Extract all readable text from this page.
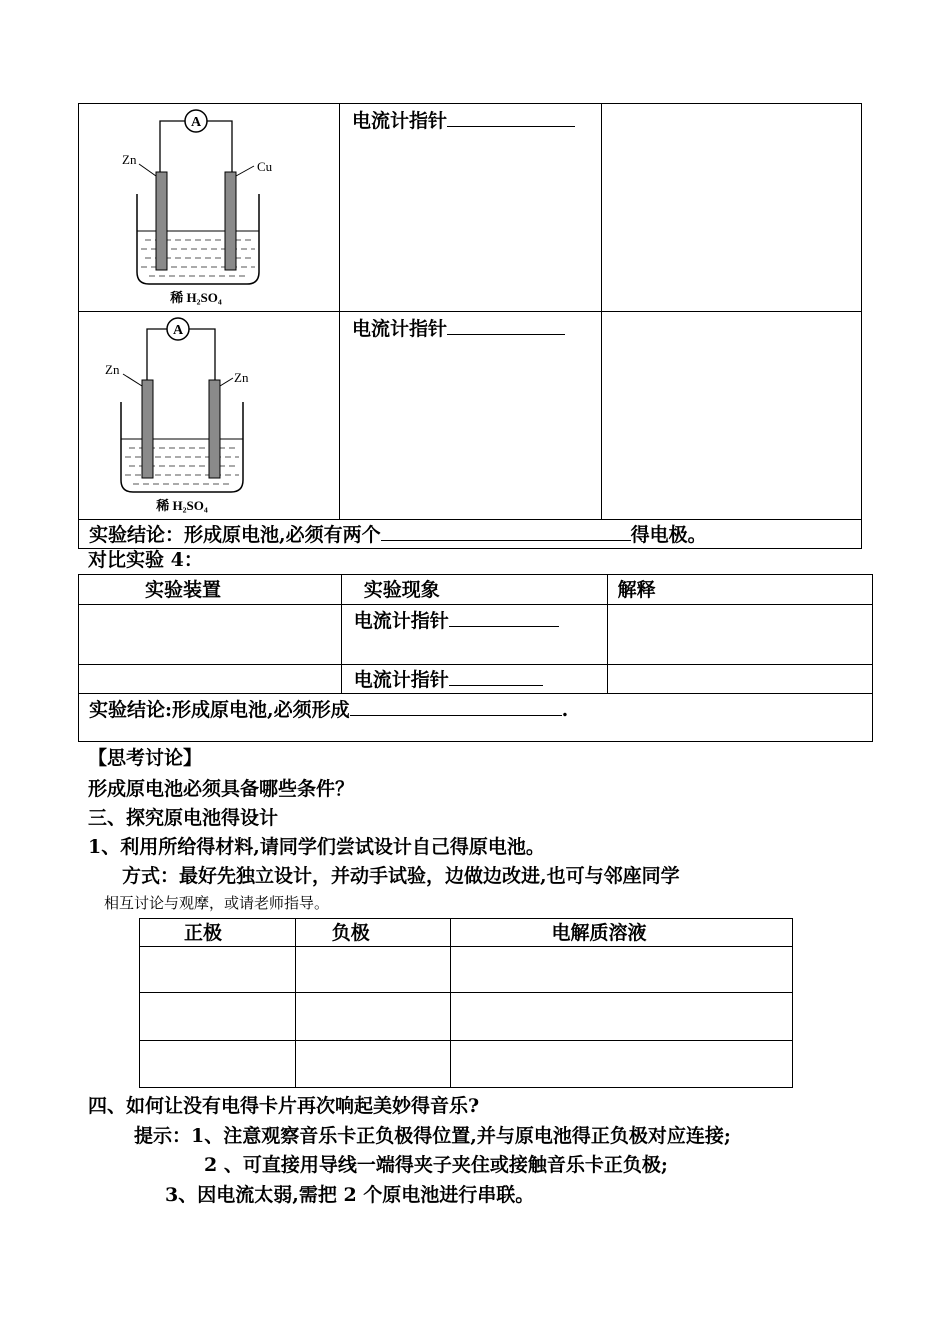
A
Zn Cu
稀 H₂SO₄	电流计指针	

A
Zn
Zn
稀 H₂SO₄	电流计指针	

实验结论：形成原电池,必须有两个 得电极。		
对比实验 4：
实验装置	实验现象	解释

	电流计指针	

	电流计指针	

实验结论:形成原电池,必须形成 .		
【思考讨论】
形成原电池必须具备哪些条件？
三、探究原电池得设计
1、利用所给得材料,请同学们尝试设计自己得原电池。
方式：最好先独立设计，并动手试验，边做边改进,也可与邻座同学
相互讨论与观摩，或请老师指导。
正极	负极	电解质溶液

四、如何让没有电得卡片再次响起美妙得音乐?
提示：1、注意观察音乐卡正负极得位置,并与原电池得正负极对应连接;
2 、可直接用导线一端得夹子夹住或接触音乐卡正负极;
3、因电流太弱,需把 2 个原电池进行串联。
